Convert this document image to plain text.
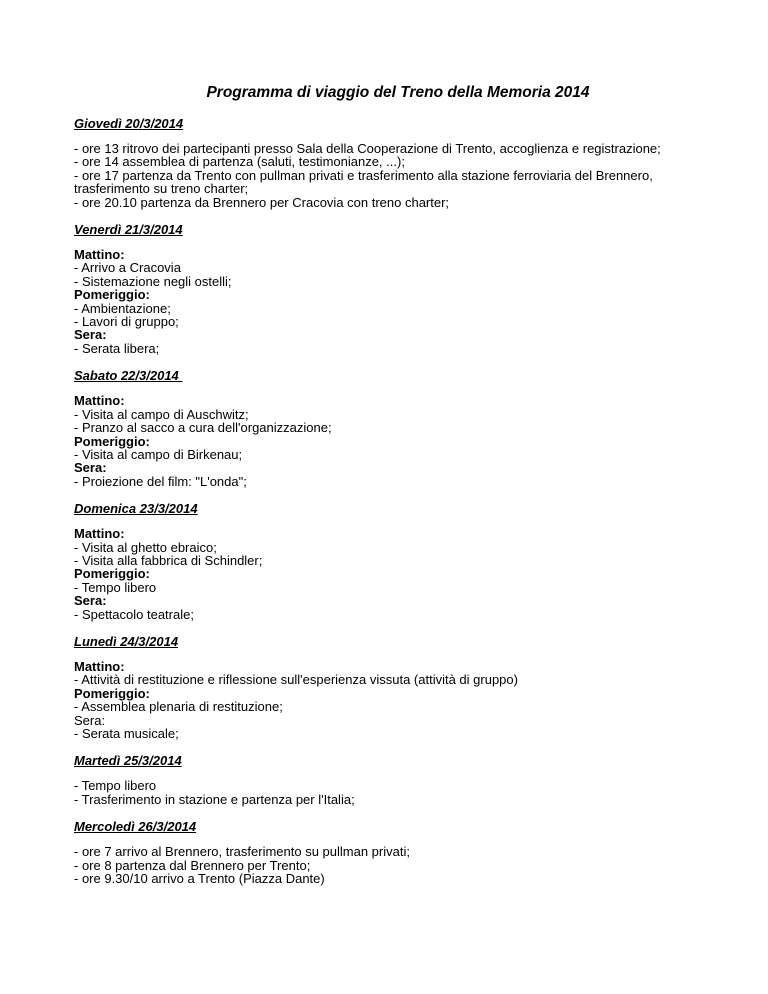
Programma di viaggio del Treno della Memoria 2014
Giovedì 20/3/2014
- ore 13 ritrovo dei partecipanti presso Sala della Cooperazione di Trento, accoglienza e registrazione;
- ore 14 assemblea di partenza (saluti, testimonianze, ...);
- ore 17 partenza da Trento con pullman privati e trasferimento alla stazione ferroviaria del Brennero,
trasferimento su treno charter;
- ore 20.10 partenza da Brennero per Cracovia con treno charter;
Venerdì 21/3/2014
Mattino:
- Arrivo a Cracovia
- Sistemazione negli ostelli;
Pomeriggio:
- Ambientazione;
- Lavori di gruppo;
Sera:
- Serata libera;
Sabato 22/3/2014
Mattino:
- Visita al campo di Auschwitz;
- Pranzo al sacco a cura dell'organizzazione;
Pomeriggio:
- Visita al campo di Birkenau;
Sera:
- Proiezione del film: "L'onda";
Domenica 23/3/2014
Mattino:
- Visita al ghetto ebraico;
- Visita alla fabbrica di Schindler;
Pomeriggio:
- Tempo libero
Sera:
- Spettacolo teatrale;
Lunedì 24/3/2014
Mattino:
- Attività di restituzione e riflessione sull'esperienza vissuta (attività di gruppo)
Pomeriggio:
- Assemblea plenaria di restituzione;
Sera:
- Serata musicale;
Martedì 25/3/2014
- Tempo libero
- Trasferimento in stazione e partenza per l'Italia;
Mercoledì 26/3/2014
- ore 7 arrivo al Brennero, trasferimento su pullman privati;
- ore 8 partenza dal Brennero per Trento;
- ore 9.30/10 arrivo a Trento (Piazza Dante)
